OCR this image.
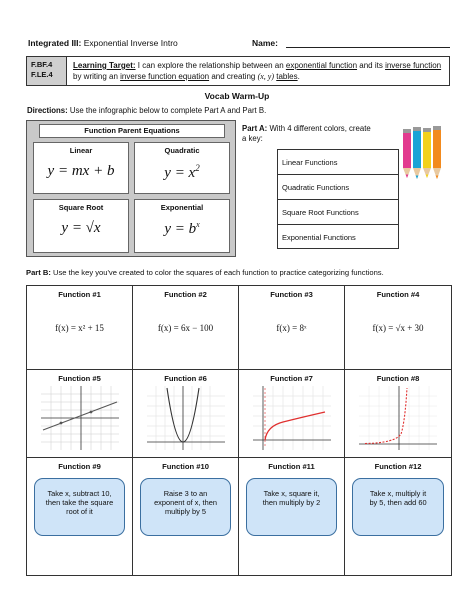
Integrated III: Exponential Inverse Intro	Name:
F.BF.4
F.LE.4
Learning Target: I can explore the relationship between an exponential function and its inverse function by writing an inverse function equation and creating (x, y) tables.
Vocab Warm-Up
Directions: Use the infographic below to complete Part A and Part B.
Function Parent Equations
Linear
y = mx + b
Quadratic
$y = x^2$
Square Root
y = √x
Exponential
$y = b^x$
Part A: With 4 different colors, create a key:
Linear Functions
Quadratic Functions
Square Root Functions
Exponential Functions
Part B: Use the key you've created to color the squares of each function to practice categorizing functions.
Function #1
f(x) = x² + 15
Function #2
f(x) = 6x − 100
Function #3
f(x) = 8ˣ
Function #4
f(x) = √x + 30
Function #5	Function #6	Function #7	Function #8
Function #9
Take x, subtract 10, then take the square root of it
Function #10
Raise 3 to an exponent of x, then multiply by 5
Function #11
Take x, square it, then multiply by 2
Function #12
Take x, multiply it by 5, then add 60
